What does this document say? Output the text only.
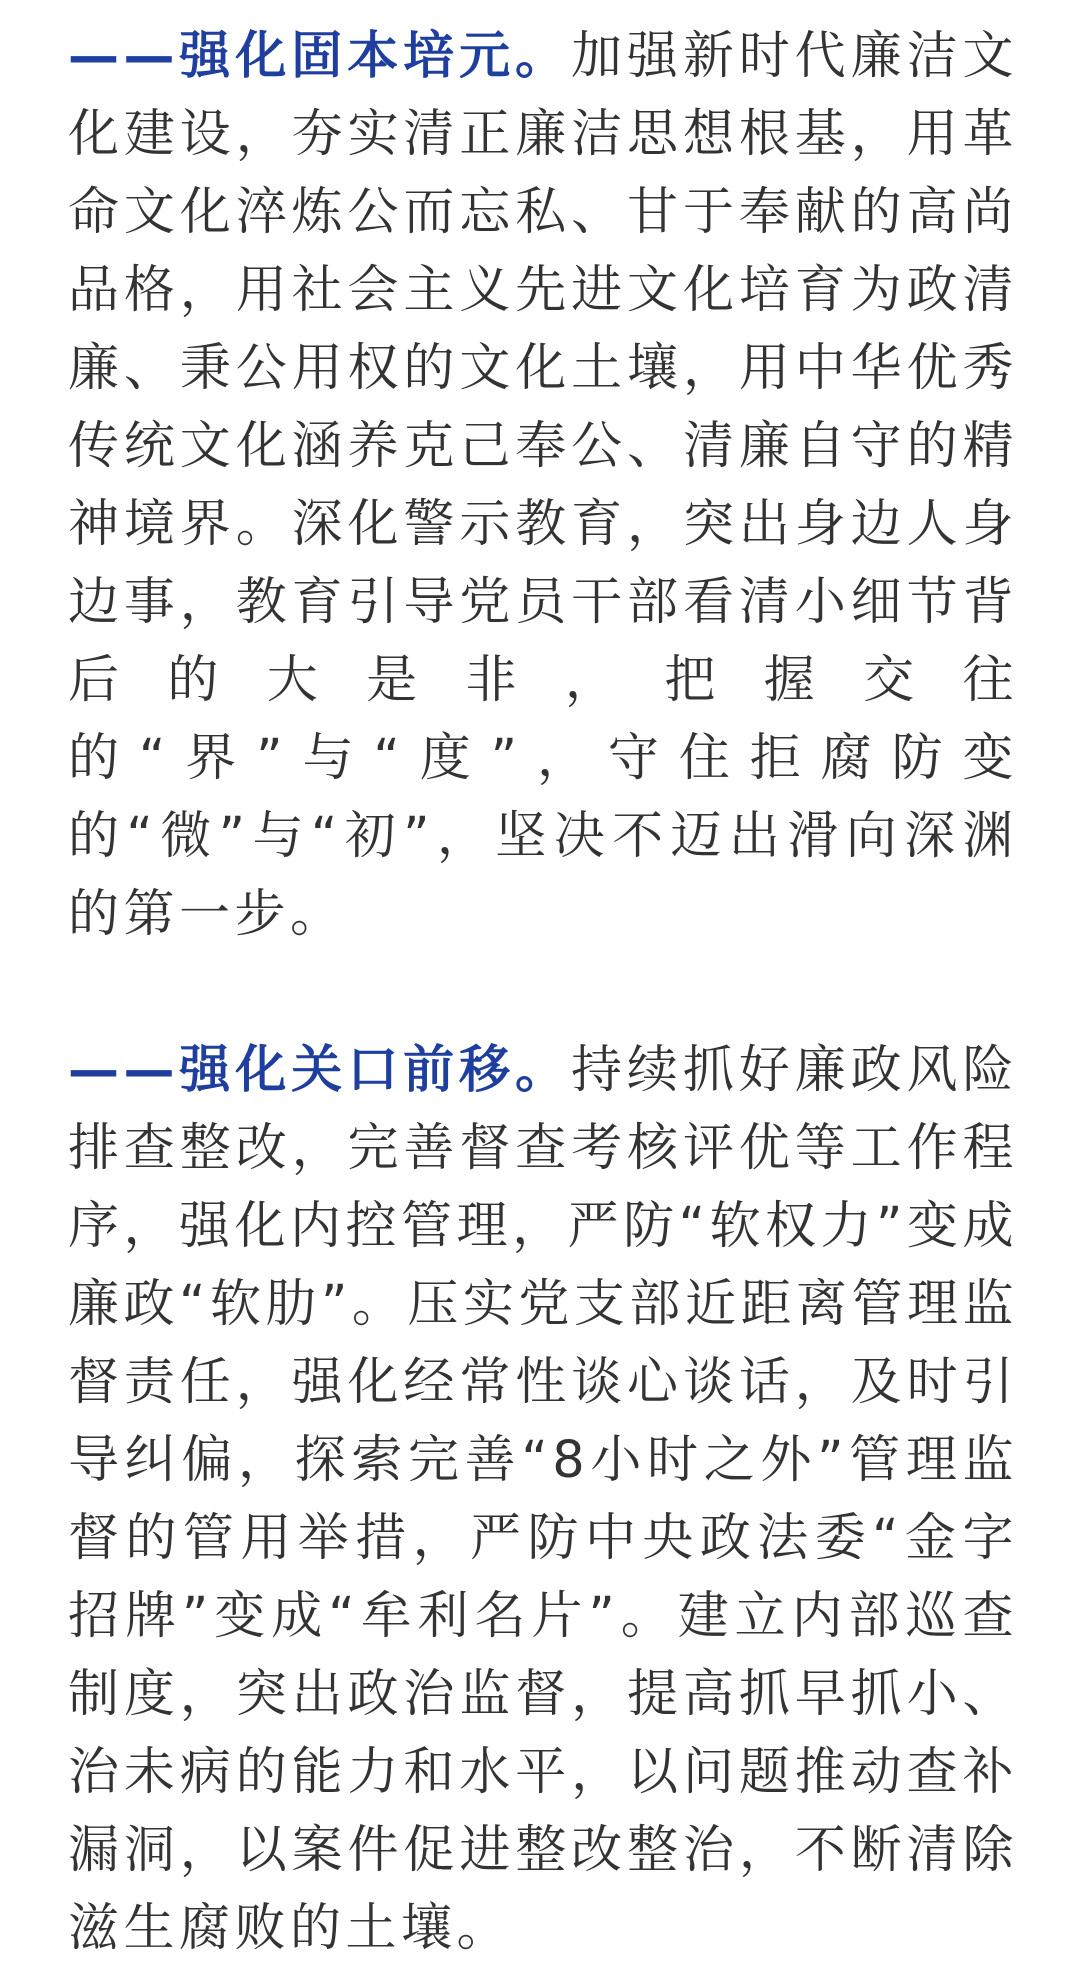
——强化固本培元。加强新时代廉洁文化建设，夯实清正廉洁思想根基，用革命文化淬炼公而忘私、甘于奉献的高尚品格，用社会主义先进文化培育为政清廉、秉公用权的文化土壤，用中华优秀传统文化涵养克己奉公、清廉自守的精神境界。深化警示教育，突出身边人身边事，教育引导党员干部看清小细节背后的大是非，把握交往的“界”与“度”，守住拒腐防变的“微”与“初”，坚决不迈出滑向深渊的第一步。

——强化关口前移。持续抓好廉政风险排查整改，完善督查考核评优等工作程序，强化内控管理，严防“软权力”变成廉政“软肋”。压实党支部近距离管理监督责任，强化经常性谈心谈话，及时引导纠偏，探索完善“8小时之外”管理监督的管用举措，严防中央政法委“金字招牌”变成“牟利名片”。建立内部巡查制度，突出政治监督，提高抓早抓小、治未病的能力和水平，以问题推动查补漏洞，以案件促进整改整治，不断清除滋生腐败的土壤。
